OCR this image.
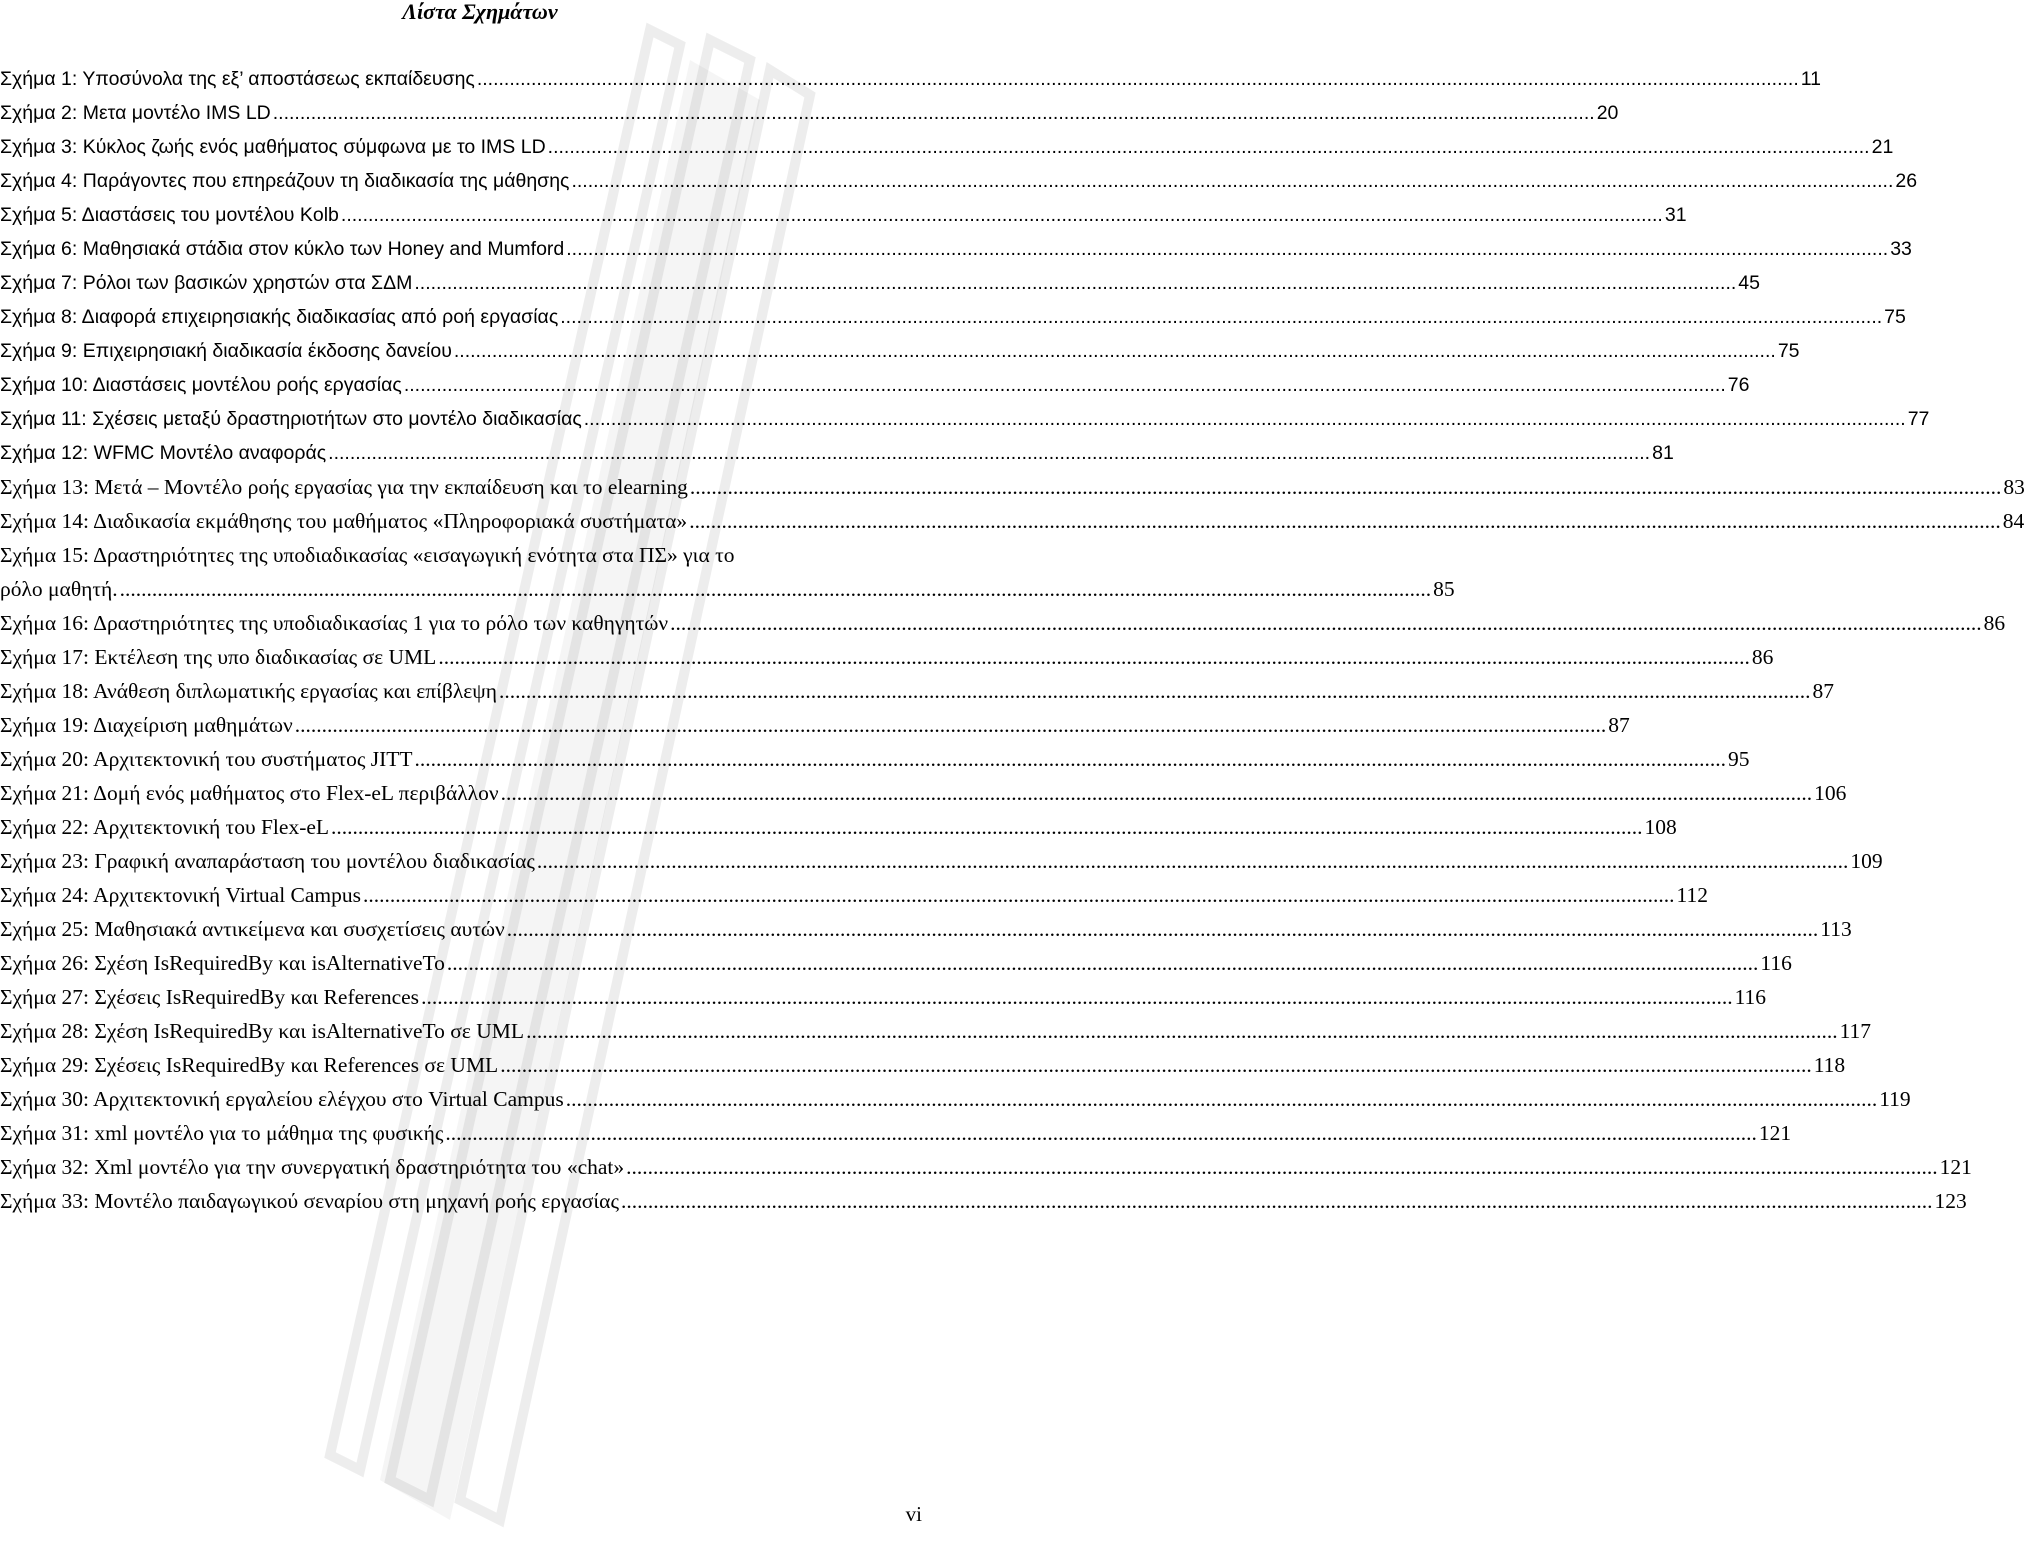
Λίστα Σχημάτων
Σχήμα 1: Υποσύνολα της εξ’ αποστάσεως εκπαίδευσης .....	11
Σχήμα 2: Μετα μοντέλο IMS LD .....	20
Σχήμα 3: Κύκλος ζωής ενός μαθήματος σύμφωνα με το IMS LD .....	21
Σχήμα 4: Παράγοντες που επηρεάζουν τη διαδικασία της μάθησης .....	26
Σχήμα 5: Διαστάσεις του μοντέλου Kolb .....	31
Σχήμα 6: Μαθησιακά στάδια στον κύκλο των Honey and Mumford .....	33
Σχήμα 7: Ρόλοι των βασικών χρηστών στα ΣΔΜ .....	45
Σχήμα 8: Διαφορά επιχειρησιακής διαδικασίας από ροή εργασίας .....	75
Σχήμα 9: Επιχειρησιακή διαδικασία έκδοσης δανείου .....	75
Σχήμα 10: Διαστάσεις μοντέλου ροής εργασίας .....	76
Σχήμα 11: Σχέσεις μεταξύ δραστηριοτήτων στο μοντέλο διαδικασίας .....	77
Σχήμα 12: WFMC Μοντέλο αναφοράς .....	81
Σχήμα 13: Μετά – Μοντέλο ροής εργασίας για την εκπαίδευση και το elearning .....	83
Σχήμα 14: Διαδικασία εκμάθησης του μαθήματος «Πληροφοριακά συστήματα» .....	84
Σχήμα 15: Δραστηριότητες της υποδιαδικασίας «εισαγωγική ενότητα στα ΠΣ» για το
ρόλο μαθητή. .....	85
Σχήμα 16: Δραστηριότητες της υποδιαδικασίας 1 για το ρόλο των καθηγητών .....	86
Σχήμα 17: Εκτέλεση της υπο διαδικασίας σε UML .....	86
Σχήμα 18: Ανάθεση διπλωματικής εργασίας και επίβλεψη .....	87
Σχήμα 19: Διαχείριση μαθημάτων .....	87
Σχήμα 20: Αρχιτεκτονική του συστήματος JITT .....	95
Σχήμα 21: Δομή ενός μαθήματος στο Flex-eL περιβάλλον .....	106
Σχήμα 22: Αρχιτεκτονική του Flex-eL .....	108
Σχήμα 23: Γραφική αναπαράσταση του μοντέλου διαδικασίας .....	109
Σχήμα 24: Αρχιτεκτονική Virtual Campus .....	112
Σχήμα 25: Μαθησιακά αντικείμενα και συσχετίσεις αυτών .....	113
Σχήμα 26: Σχέση IsRequiredBy και isAlternativeTo .....	116
Σχήμα 27: Σχέσεις IsRequiredBy και References .....	116
Σχήμα 28: Σχέση IsRequiredBy και isAlternativeTo σε UML .....	117
Σχήμα 29: Σχέσεις IsRequiredBy και References σε UML .....	118
Σχήμα 30: Αρχιτεκτονική εργαλείου ελέγχου στο Virtual Campus .....	119
Σχήμα 31: xml μοντέλο για το μάθημα της φυσικής .....	121
Σχήμα 32: Xml μοντέλο για την συνεργατική δραστηριότητα του «chat» .....	121
Σχήμα 33: Μοντέλο παιδαγωγικού σεναρίου στη μηχανή ροής εργασίας .....	123
vi
